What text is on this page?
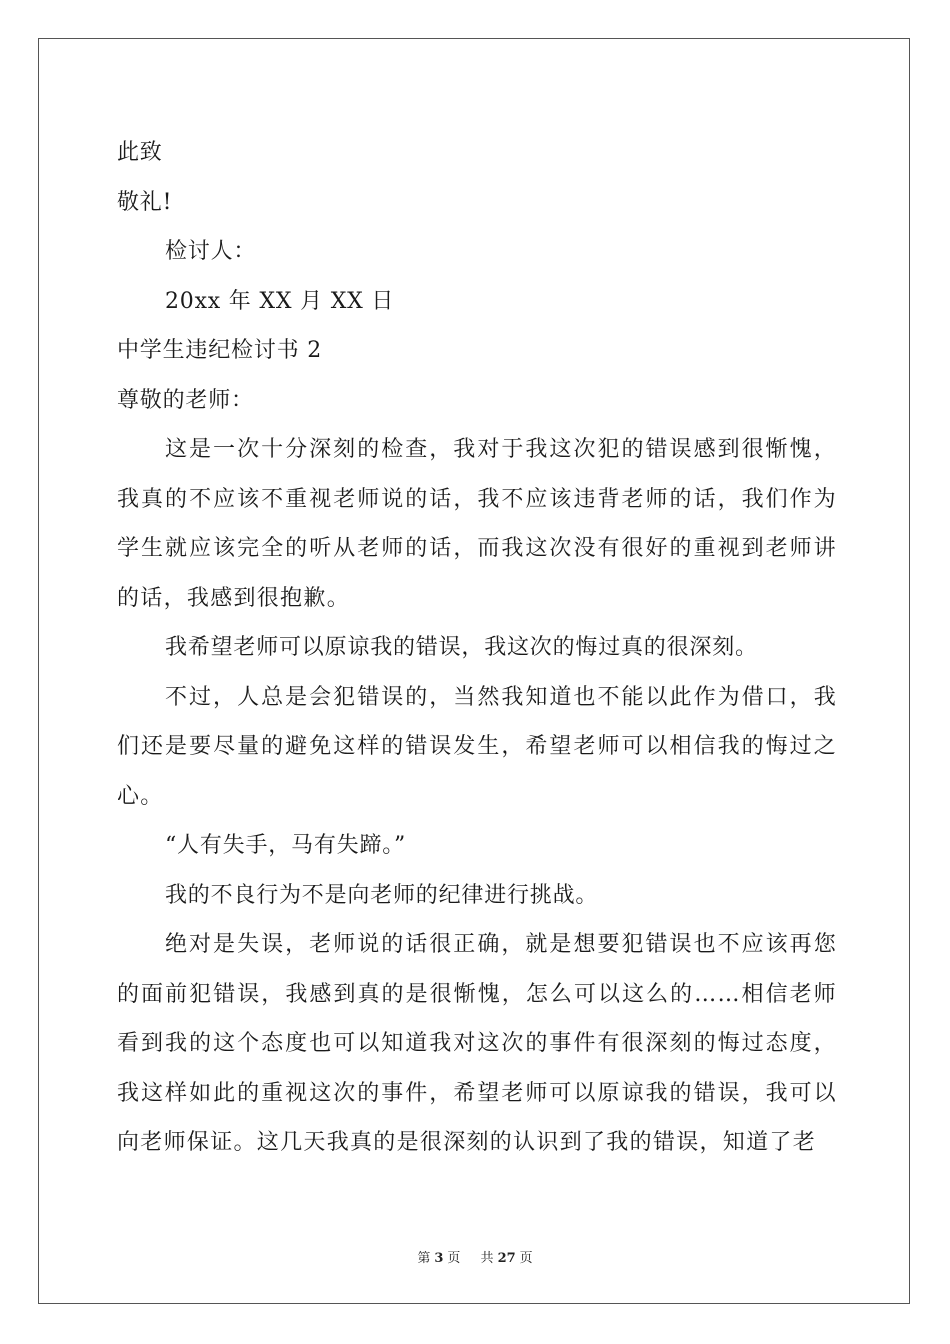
此致
敬礼!
检讨人：
20xx 年 XX 月 XX 日
中学生违纪检讨书 2
尊敬的老师：
这是一次十分深刻的检查，我对于我这次犯的错误感到很惭愧，我真的不应该不重视老师说的话，我不应该违背老师的话，我们作为学生就应该完全的听从老师的话，而我这次没有很好的重视到老师讲的话，我感到很抱歉。
我希望老师可以原谅我的错误，我这次的悔过真的很深刻。
不过，人总是会犯错误的，当然我知道也不能以此作为借口，我们还是要尽量的避免这样的错误发生，希望老师可以相信我的悔过之心。
“人有失手，马有失蹄。”
我的不良行为不是向老师的纪律进行挑战。
绝对是失误，老师说的话很正确，就是想要犯错误也不应该再您的面前犯错误，我感到真的是很惭愧，怎么可以这么的……相信老师看到我的这个态度也可以知道我对这次的事件有很深刻的悔过态度，我这样如此的重视这次的事件，希望老师可以原谅我的错误，我可以向老师保证。这几天我真的是很深刻的认识到了我的错误，知道了老
第 3 页 共 27 页
